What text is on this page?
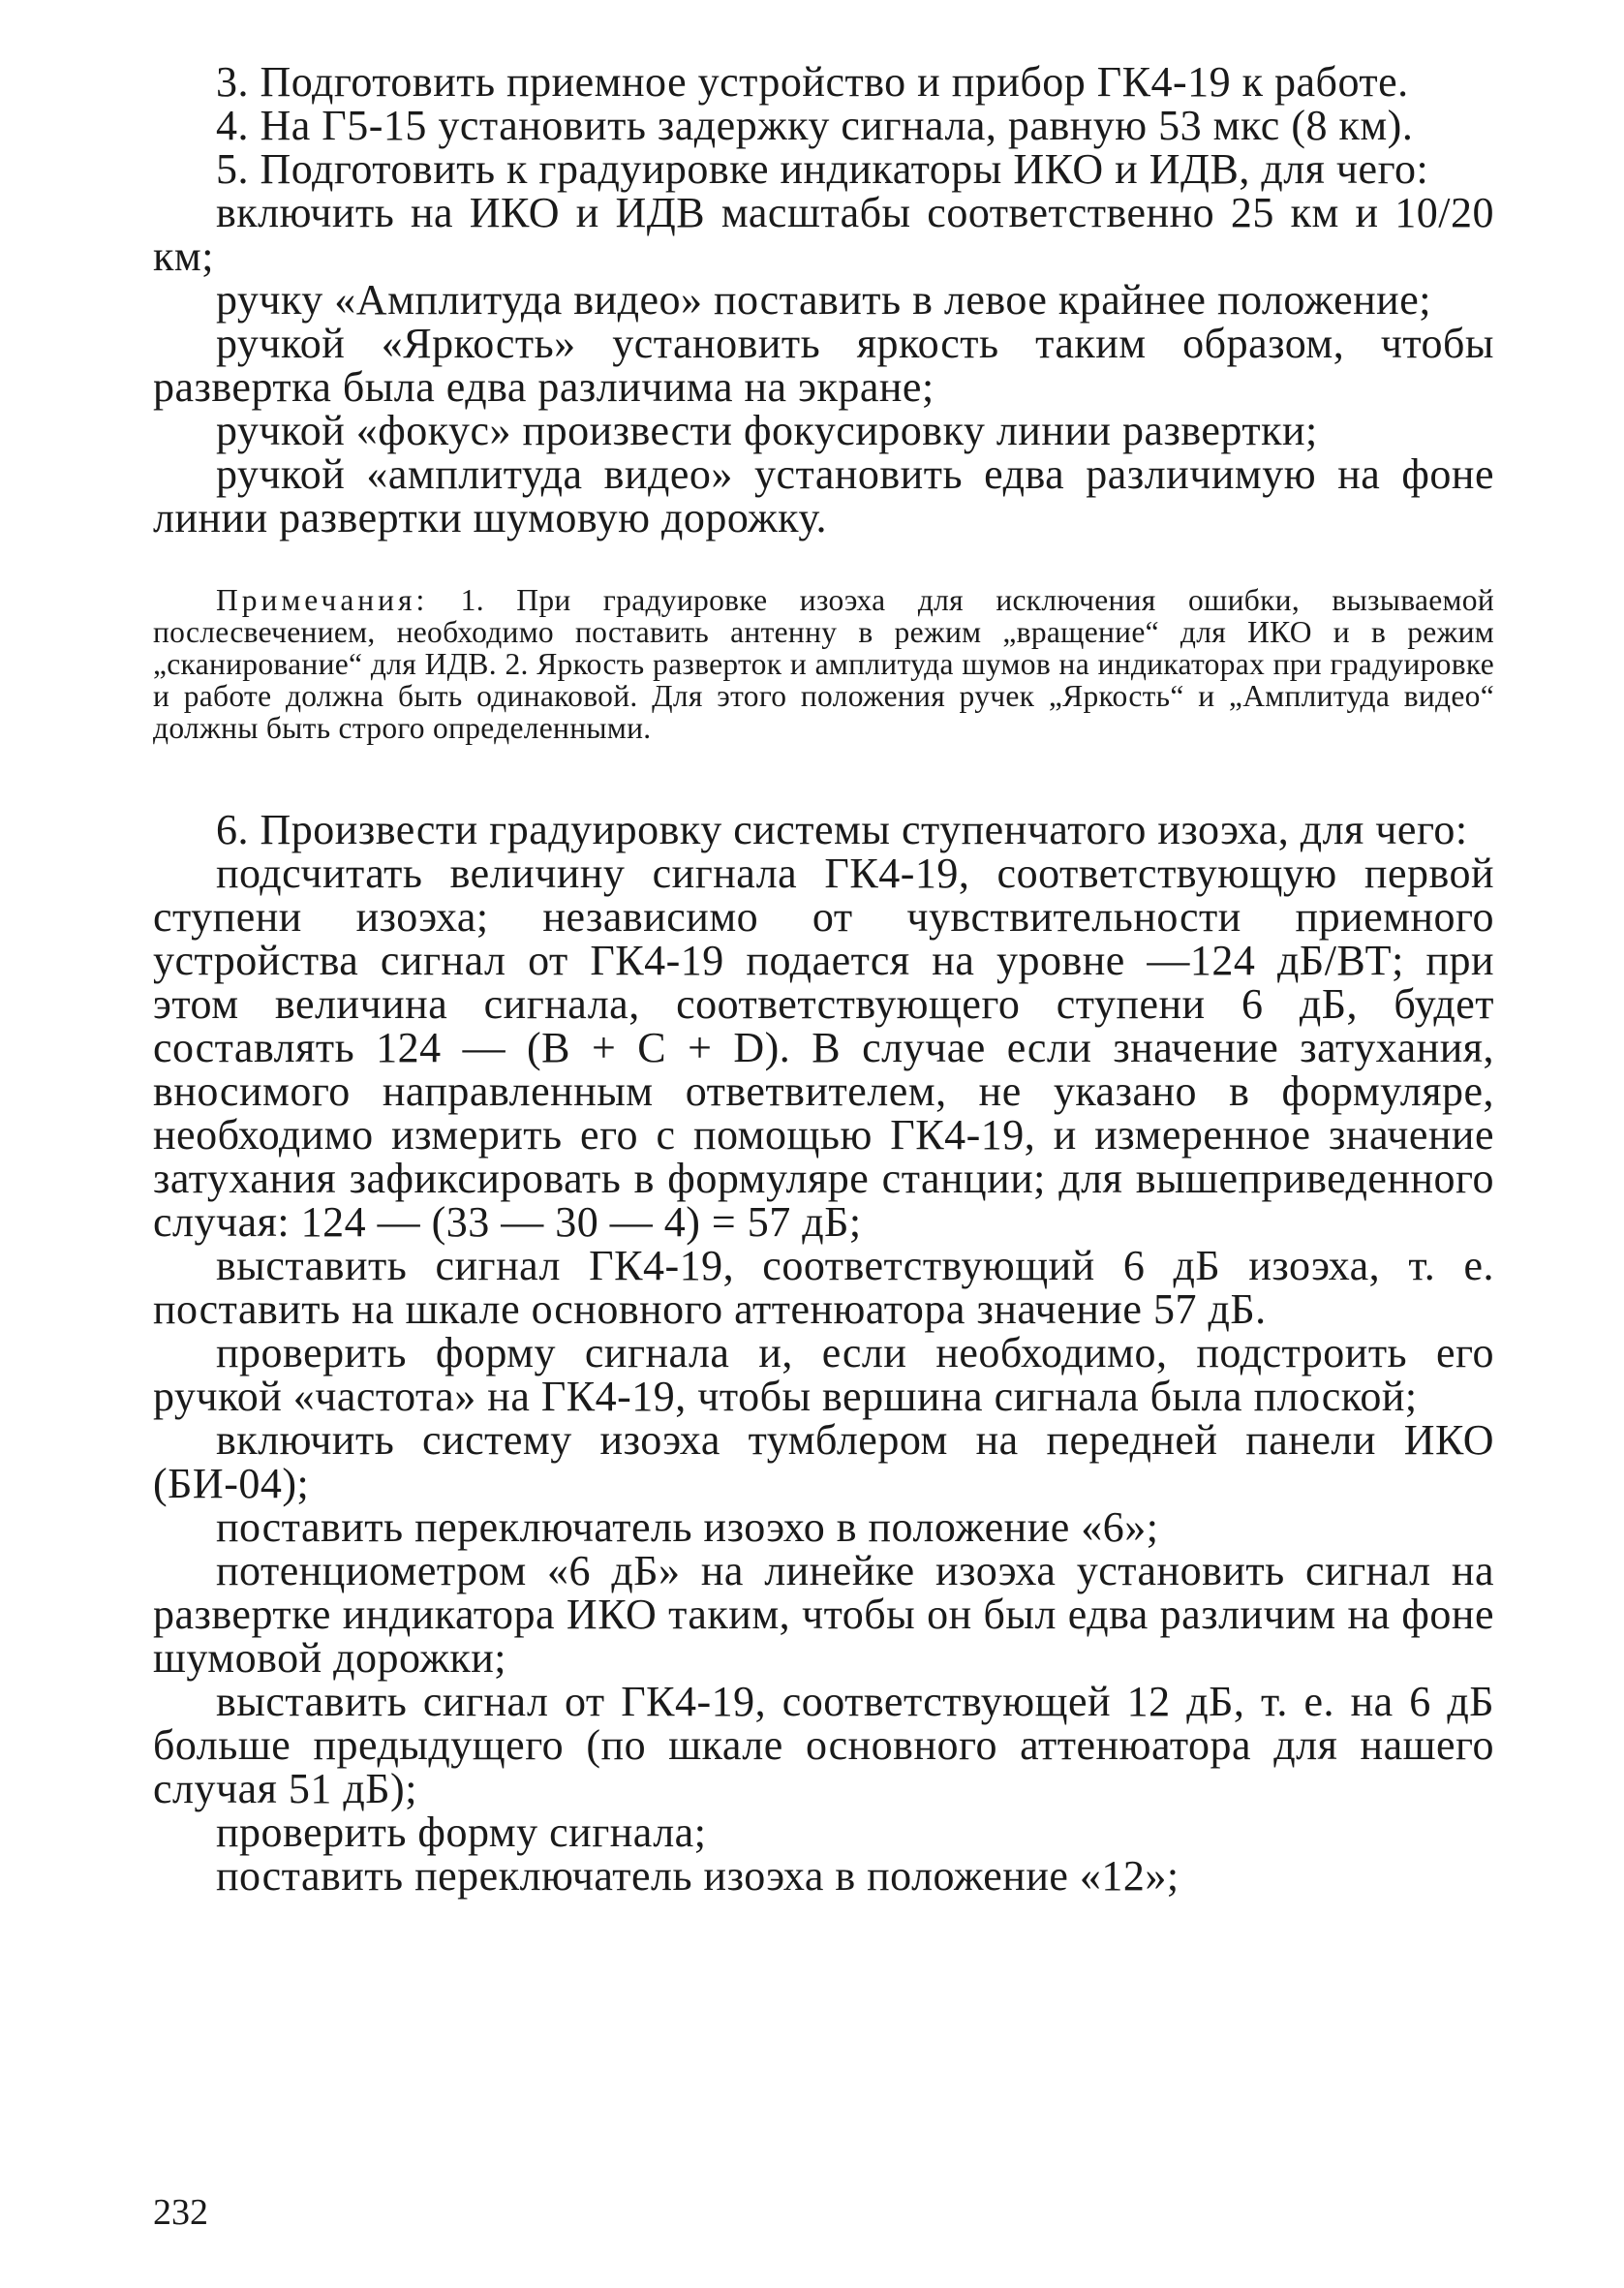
3. Подготовить приемное устройство и прибор ГК4-19 к работе.

4. На Г5-15 установить задержку сигнала, равную 53 мкс (8 км).

5. Подготовить к градуировке индикаторы ИКО и ИДВ, для чего:

включить на ИКО и ИДВ масштабы соответственно 25 км и 10/20 км;

ручку «Амплитуда видео» поставить в левое крайнее положение;

ручкой «Яркость» установить яркость таким образом, чтобы развертка была едва различима на экране;

ручкой «фокус» произвести фокусировку линии развертки;

ручкой «амплитуда видео» установить едва различимую на фоне линии развертки шумовую дорожку.

Примечания: 1. При градуировке изоэха для исключения ошибки, вызываемой послесвечением, необходимо поставить антенну в режим „вращение“ для ИКО и в режим „сканирование“ для ИДВ. 2. Яркость разверток и амплитуда шумов на индикаторах при градуировке и работе должна быть одинаковой. Для этого положения ручек „Яркость“ и „Амплитуда видео“ должны быть строго определенными.

6. Произвести градуировку системы ступенчатого изоэха, для чего:

подсчитать величину сигнала ГК4-19, соответствующую первой ступени изоэха; независимо от чувствительности приемного устройства сигнал от ГК4-19 подается на уровне —124 дБ/ВТ; при этом величина сигнала, соответствующего ступени 6 дБ, будет составлять 124 — (B + C + D). В случае если значение затухания, вносимого направленным ответвителем, не указано в формуляре, необходимо измерить его с помощью ГК4-19, и измеренное значение затухания зафиксировать в формуляре станции; для вышеприведенного случая: 124 — (33 — 30 — 4) = 57 дБ;

выставить сигнал ГК4-19, соответствующий 6 дБ изоэха, т. е. поставить на шкале основного аттенюатора значение 57 дБ.

проверить форму сигнала и, если необходимо, подстроить его ручкой «частота» на ГК4-19, чтобы вершина сигнала была плоской;

включить систему изоэха тумблером на передней панели ИКО (БИ-04);

поставить переключатель изоэхо в положение «6»;

потенциометром «6 дБ» на линейке изоэха установить сигнал на развертке индикатора ИКО таким, чтобы он был едва различим на фоне шумовой дорожки;

выставить сигнал от ГК4-19, соответствующей 12 дБ, т. е. на 6 дБ больше предыдущего (по шкале основного аттенюатора для нашего случая 51 дБ);

проверить форму сигнала;

поставить переключатель изоэха в положение «12»;

232
